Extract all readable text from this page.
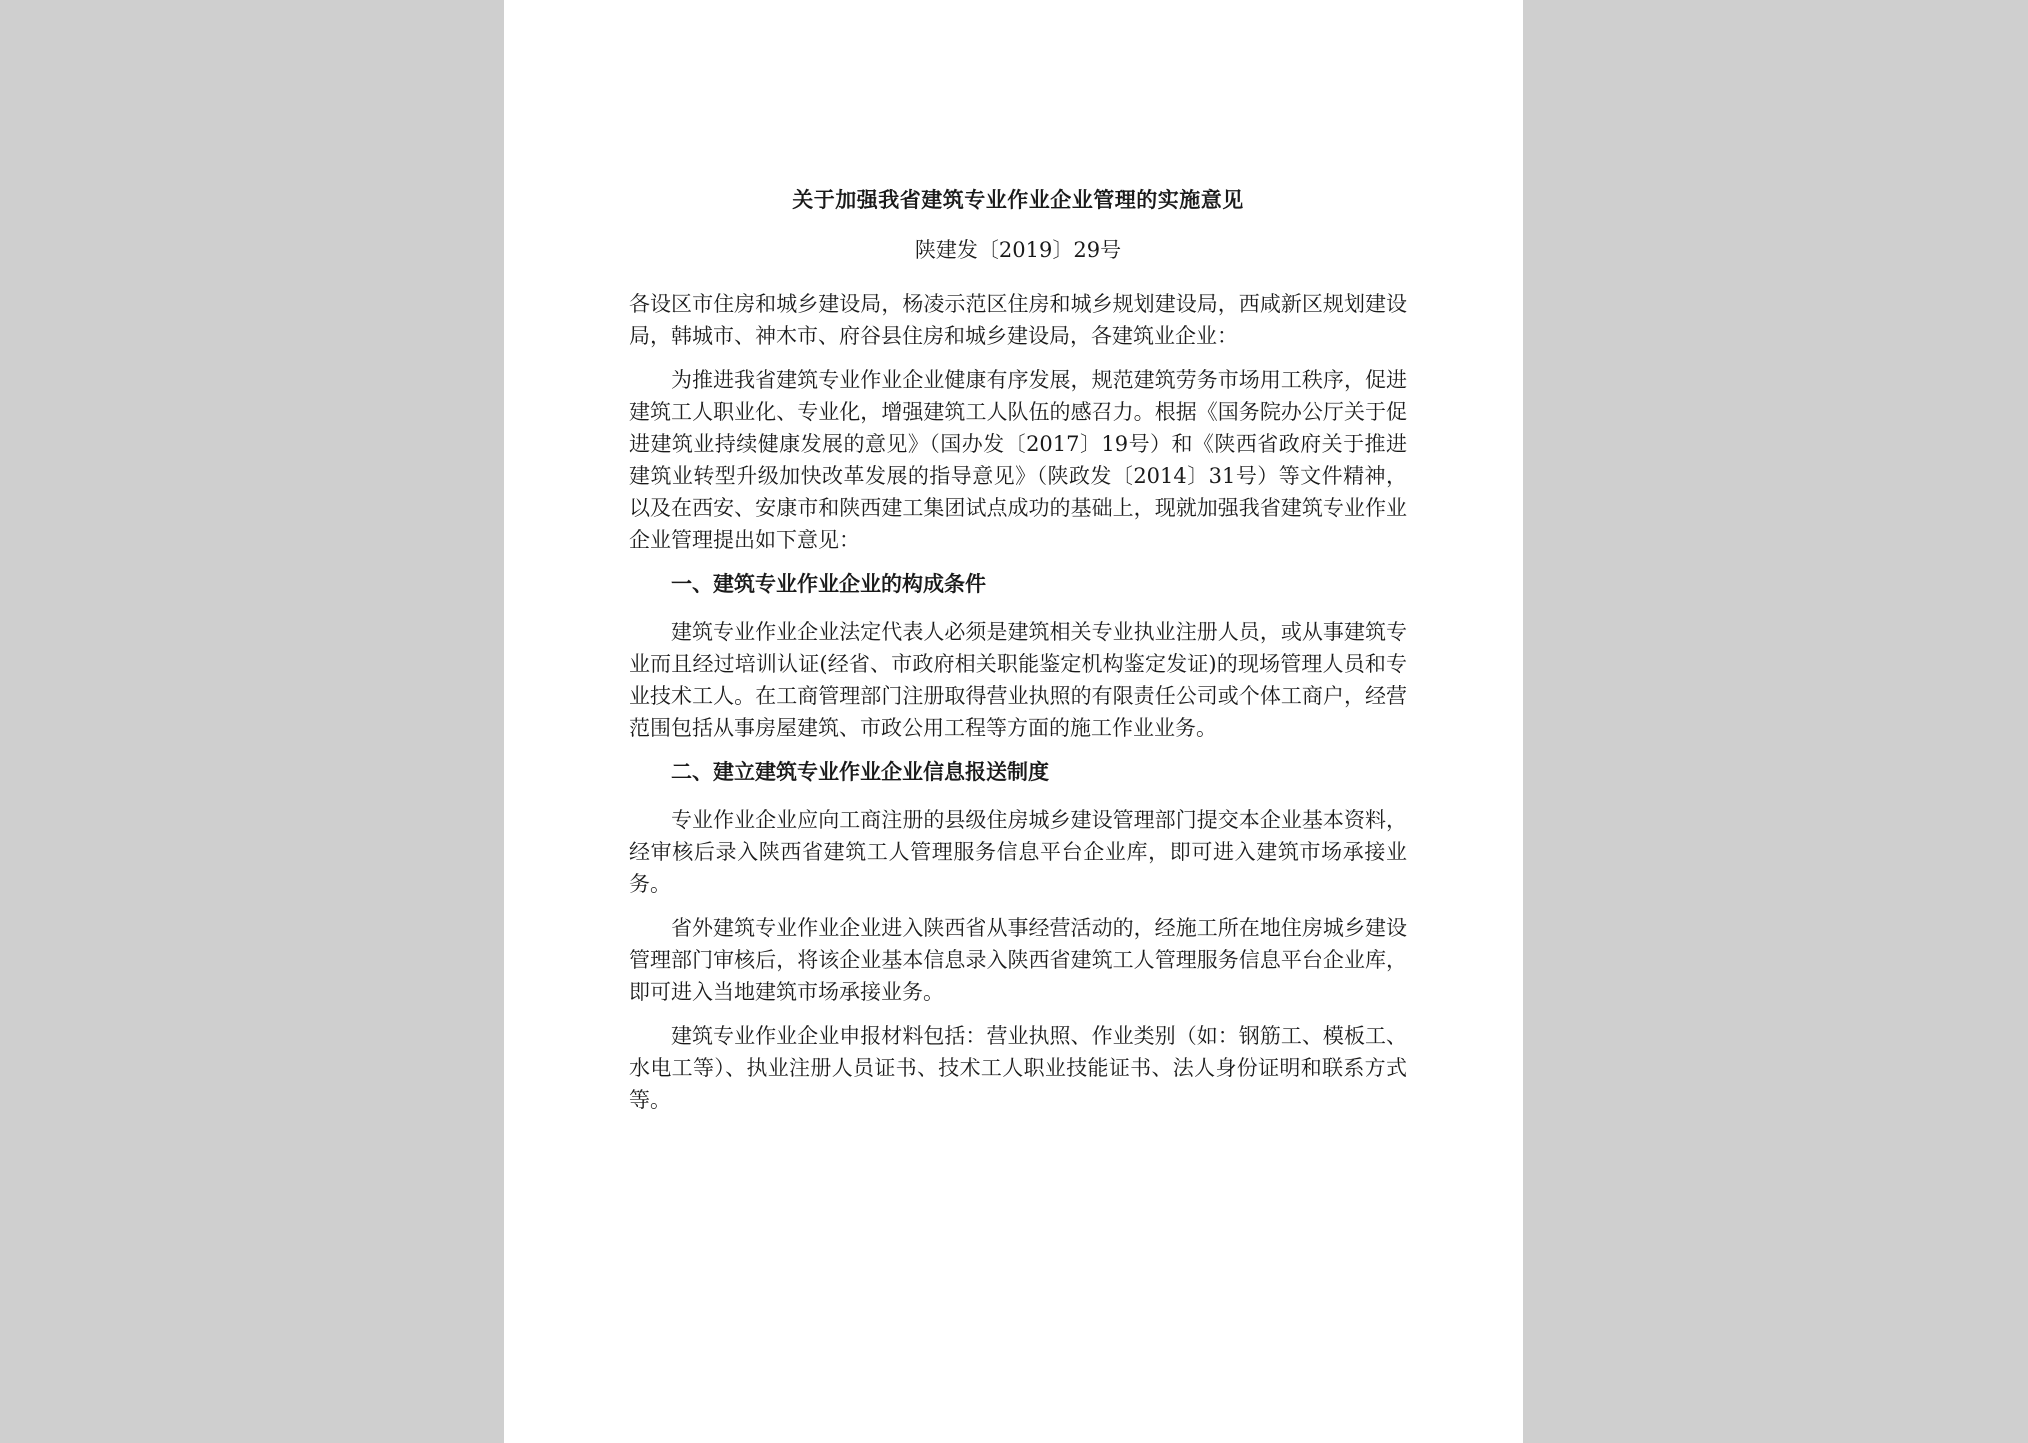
关于加强我省建筑专业作业企业管理的实施意见
陕建发〔2019〕29号

各设区市住房和城乡建设局，杨凌示范区住房和城乡规划建设局，西咸新区规划建设局，韩城市、神木市、府谷县住房和城乡建设局，各建筑业企业：

为推进我省建筑专业作业企业健康有序发展，规范建筑劳务市场用工秩序，促进建筑工人职业化、专业化，增强建筑工人队伍的感召力。根据《国务院办公厅关于促进建筑业持续健康发展的意见》（国办发〔2017〕19号）和《陕西省政府关于推进建筑业转型升级加快改革发展的指导意见》（陕政发〔2014〕31号）等文件精神，以及在西安、安康市和陕西建工集团试点成功的基础上，现就加强我省建筑专业作业企业管理提出如下意见：

一、建筑专业作业企业的构成条件

建筑专业作业企业法定代表人必须是建筑相关专业执业注册人员，或从事建筑专业而且经过培训认证(经省、市政府相关职能鉴定机构鉴定发证)的现场管理人员和专业技术工人。在工商管理部门注册取得营业执照的有限责任公司或个体工商户，经营范围包括从事房屋建筑、市政公用工程等方面的施工作业业务。

二、建立建筑专业作业企业信息报送制度

专业作业企业应向工商注册的县级住房城乡建设管理部门提交本企业基本资料，经审核后录入陕西省建筑工人管理服务信息平台企业库，即可进入建筑市场承接业务。

省外建筑专业作业企业进入陕西省从事经营活动的，经施工所在地住房城乡建设管理部门审核后，将该企业基本信息录入陕西省建筑工人管理服务信息平台企业库，即可进入当地建筑市场承接业务。

建筑专业作业企业申报材料包括：营业执照、作业类别（如：钢筋工、模板工、水电工等）、执业注册人员证书、技术工人职业技能证书、法人身份证明和联系方式等。
